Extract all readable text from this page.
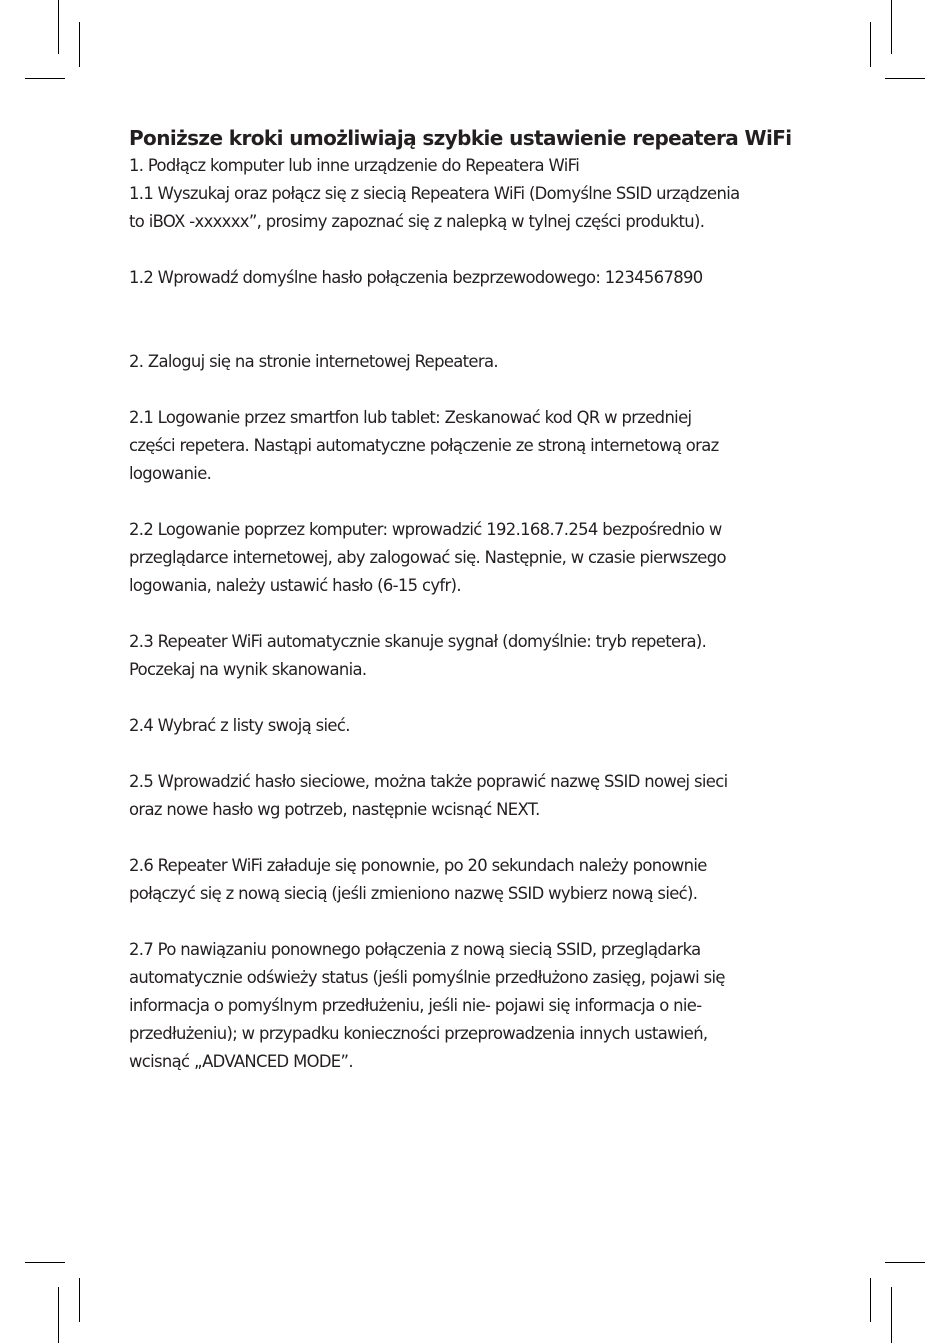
Poniższe kroki umożliwiają szybkie ustawienie repeatera WiFi

1. Podłącz komputer lub inne urządzenie do Repeatera WiFi

1.1 Wyszukaj oraz połącz się z siecią Repeatera WiFi (Domyślne SSID urządzenia
to iBOX -xxxxxx”, prosimy zapoznać się z nalepką w tylnej części produktu).

1.2 Wprowadź domyślne hasło połączenia bezprzewodowego: 1234567890

2. Zaloguj się na stronie internetowej Repeatera.

2.1 Logowanie przez smartfon lub tablet: Zeskanować kod QR w przedniej
części repetera. Nastąpi automatyczne połączenie ze stroną internetową oraz
logowanie.

2.2 Logowanie poprzez komputer: wprowadzić 192.168.7.254 bezpośrednio w
przeglądarce internetowej, aby zalogować się. Następnie, w czasie pierwszego
logowania, należy ustawić hasło (6-15 cyfr).

2.3 Repeater WiFi automatycznie skanuje sygnał (domyślnie: tryb repetera).
Poczekaj na wynik skanowania.

2.4 Wybrać z listy swoją sieć.

2.5 Wprowadzić hasło sieciowe, można także poprawić nazwę SSID nowej sieci
oraz nowe hasło wg potrzeb, następnie wcisnąć NEXT.

2.6 Repeater WiFi załaduje się ponownie, po 20 sekundach należy ponownie
połączyć się z nową siecią (jeśli zmieniono nazwę SSID wybierz nową sieć).

2.7 Po nawiązaniu ponownego połączenia z nową siecią SSID, przeglądarka
automatycznie odświeży status (jeśli pomyślnie przedłużono zasięg, pojawi się
informacja o pomyślnym przedłużeniu, jeśli nie- pojawi się informacja o nie-
przedłużeniu); w przypadku konieczności przeprowadzenia innych ustawień,
wcisnąć „ADVANCED MODE”.
